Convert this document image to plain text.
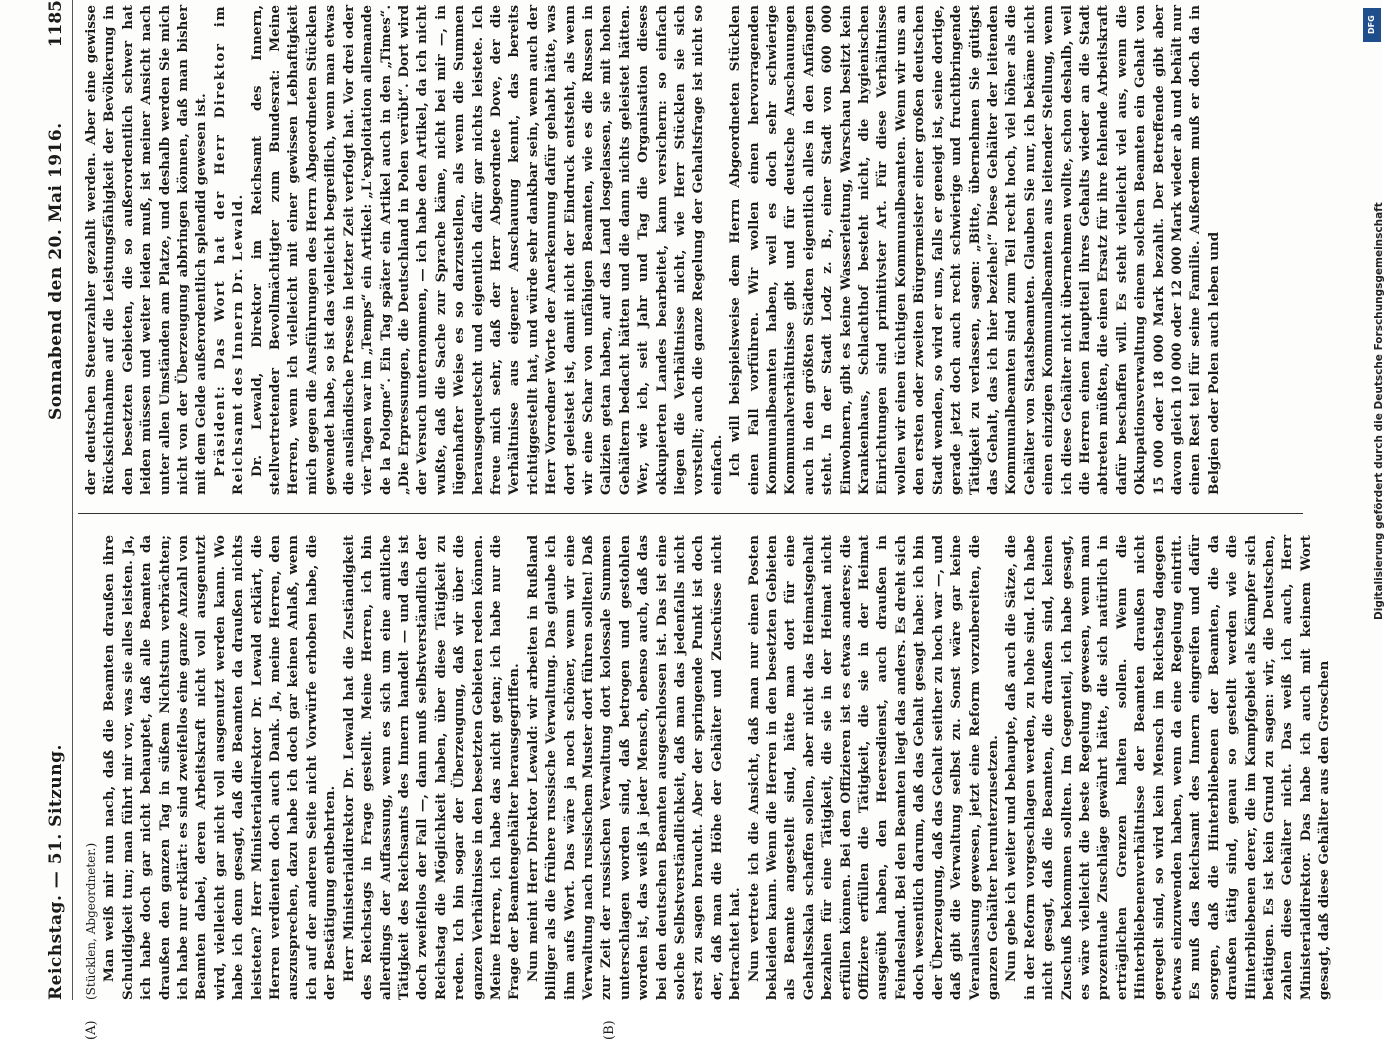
Reichstag. — 51. Sitzung.
Sonnabend den 20. Mai 1916.
1185
(A)	(B)

(Stücklen, Abgeordneter.) Man weiß mir nun nach, daß die Beamten draußen ihre Schuldigkeit tun; man führt mir vor, was sie alles leisten. Ja, ich habe doch gar nicht behauptet, daß alle Beamten da draußen den ganzen Tag in süßem Nichtstun verbrächten; ich habe nur erklärt: es sind zweifellos eine ganze Anzahl von Beamten dabei, deren Arbeitskraft nicht voll ausgenutzt wird, vielleicht gar nicht voll ausgenutzt werden kann. Wo habe ich denn gesagt, daß die Beamten da draußen nichts leisteten? Herr Ministerialdirektor Dr. Lewald erklärt, die Herren verdienten doch auch Dank. Ja, meine Herren, den auszusprechen, dazu habe ich doch gar keinen Anlaß, wenn ich auf der anderen Seite nicht Vorwürfe erhoben habe, die der Bestätigung entbehrten. Herr Ministerialdirektor Dr. Lewald hat die Zuständigkeit des Reichstags in Frage gestellt. Meine Herren, ich bin allerdings der Auffassung, wenn es sich um eine amtliche Tätigkeit des Reichsamts des Innern handelt — und das ist doch zweifellos der Fall —, dann muß selbstverständlich der Reichstag die Möglichkeit haben, über diese Tätigkeit zu reden. Ich bin sogar der Überzeugung, daß wir über die ganzen Verhältnisse in den besetzten Gebieten reden können. Meine Herren, ich habe das nicht getan; ich habe nur die Frage der Beamtengehälter herausgegriffen. Nun meint Herr Direktor Lewald: wir arbeiten in Rußland billiger als die frühere russische Verwaltung. Das glaube ich ihm aufs Wort. Das wäre ja noch schöner, wenn wir eine Verwaltung nach russischem Muster dort führen sollten! Daß zur Zeit der russischen Verwaltung dort kolossale Summen unterschlagen worden sind, daß betrogen und gestohlen worden ist, das weiß ja jeder Mensch, ebenso auch, daß das bei den deutschen Beamten ausgeschlossen ist. Das ist eine solche Selbstverständlichkeit, daß man das jedenfalls nicht erst zu sagen braucht. Aber der springende Punkt ist doch der, daß man die Höhe der Gehälter und Zuschüsse nicht betrachtet hat. Nun vertrete ich die Ansicht, daß man nur einen Posten bekleiden kann. Wenn die Herren in den besetzten Gebieten als Beamte angestellt sind, hätte man dort für eine Gehaltsskala schaffen sollen, aber nicht das Heimatsgehalt bezahlen für eine Tätigkeit, die sie in der Heimat nicht erfüllen können. Bei den Offizieren ist es etwas anderes; die Offiziere erfüllen die Tätigkeit, die sie in der Heimat ausgeübt haben, den Heeresdienst, auch draußen in Feindesland. Bei den Beamten liegt das anders. Es dreht sich doch wesentlich darum, daß das Gehalt gesagt habe: ich bin der Überzeugung, daß das Gehalt seither zu hoch war —, und daß gibt die Verwaltung selbst zu. Sonst wäre gar keine Veranlassung gewesen, jetzt eine Reform vorzubereiten, die ganzen Gehälter herunterzusetzen. Nun gebe ich weiter und behaupte, daß auch die Sätze, die in der Reform vorgeschlagen werden, zu hohe sind. Ich habe nicht gesagt, daß die Beamten, die draußen sind, keinen Zuschuß bekommen sollten. Im Gegenteil, ich habe gesagt, es wäre vielleicht die beste Regelung gewesen, wenn man prozentuale Zuschläge gewährt hätte, die sich natürlich in erträglichen Grenzen halten sollen. Wenn die Hinterbliebenenverhältnisse der Beamten draußen nicht geregelt sind, so wird kein Mensch im Reichstag dagegen etwas einzuwenden haben, wenn da eine Regelung eintritt. Es muß das Reichsamt des Innern eingreifen und dafür sorgen, daß die Hinterbliebenen der Beamten, die da draußen tätig sind, genau so gestellt werden wie die Hinterbliebenen derer, die im Kampfgebiet als Kämpfer sich betätigen. Es ist kein Grund zu sagen: wir, die Deutschen, zahlen diese Gehälter nicht. Das weiß ich auch, Herr Ministerialdirektor. Das habe ich auch mit keinem Wort gesagt, daß diese Gehälter aus den Groschen

der deutschen Steuerzahler gezahlt werden. Aber eine gewisse Rücksichtnahme auf die Leistungsfähigkeit der Bevölkerung in den besetzten Gebieten, die so außerordentlich schwer hat leiden müssen und weiter leiden muß, ist meiner Ansicht nach unter allen Umständen am Platze, und deshalb werden Sie mich nicht von der Überzeugung abbringen können, daß man bisher mit dem Gelde außerordentlich splendid gewesen ist. Präsident: Das Wort hat der Herr Direktor im Reichsamt des Innern Dr. Lewald. Dr. Lewald, Direktor im Reichsamt des Innern, stellvertretender Bevollmächtigter zum Bundesrat: Meine Herren, wenn ich vielleicht mit einer gewissen Lebhaftigkeit mich gegen die Ausführungen des Herrn Abgeordneten Stücklen gewendet habe, so ist das vielleicht begreiflich, wenn man etwas die ausländische Presse in letzter Zeit verfolgt hat. Vor drei oder vier Tagen war im „Temps“ ein Artikel: „L'exploitation allemande de la Pologne“. Ein Tag später ein Artikel auch in den „Times“. „Die Erpressungen, die Deutschland in Polen verübt“. Dort wird der Versuch unternommen, — ich habe den Artikel, da ich nicht wußte, daß die Sache zur Sprache käme, nicht bei mir —, in lügenhafter Weise es so darzustellen, als wenn die Summen herausgequetscht und eigentlich dafür gar nichts leistete. Ich freue mich sehr, daß der Herr Abgeordnete Dove, der die Verhältnisse aus eigener Anschauung kennt, das bereits richtiggestellt hat, und würde sehr dankbar sein, wenn auch der Herr Vorredner Worte der Anerkennung dafür gehabt hätte, was dort geleistet ist, damit nicht der Eindruck entsteht, als wenn wir eine Schar von unfähigen Beamten, wie es die Russen in Galizien getan haben, auf das Land losgelassen, sie mit hohen Gehältern bedacht hätten und die dann nichts geleistet hätten. Wer, wie ich, seit Jahr und Tag die Organisation dieses okkupierten Landes bearbeitet, kann versichern: so einfach liegen die Verhältnisse nicht, wie Herr Stücklen sie sich vorstellt; auch die ganze Regelung der Gehaltsfrage ist nicht so einfach. Ich will beispielsweise dem Herrn Abgeordneten Stücklen einen Fall vorführen. Wir wollen einen hervorragenden Kommunalbeamten haben, weil es doch sehr schwierige Kommunalverhältnisse gibt und für deutsche Anschauungen auch in den größten Städten eigentlich alles in den Anfängen steht. In der Stadt Lodz z. B., einer Stadt von 600 000 Einwohnern, gibt es keine Wasserleitung, Warschau besitzt kein Krankenhaus, Schlachthof besteht nicht, die hygienischen Einrichtungen sind primitivster Art. Für diese Verhältnisse wollen wir einen tüchtigen Kommunalbeamten. Wenn wir uns an den ersten oder zweiten Bürgermeister einer großen deutschen Stadt wenden, so wird er uns, falls er geneigt ist, seine dortige, gerade jetzt doch auch recht schwierige und fruchtbringende Tätigkeit zu verlassen, sagen: „Bitte, übernehmen Sie gütigst das Gehalt, das ich hier beziehe!“ Diese Gehälter der leitenden Kommunalbeamten sind zum Teil recht hoch, viel höher als die Gehälter von Staatsbeamten. Glauben Sie nur, ich bekäme nicht einen einzigen Kommunalbeamten aus leitender Stellung, wenn ich diese Gehälter nicht übernehmen wollte, schon deshalb, weil die Herren einen Hauptteil ihres Gehalts wieder an die Stadt abtreten müßten, die einen Ersatz für ihre fehlende Arbeitskraft dafür beschaffen will. Es steht vielleicht viel aus, wenn die Okkupationsverwaltung einem solchen Beamten ein Gehalt von 15 000 oder 18 000 Mark bezahlt. Der Betreffende gibt aber davon gleich 10 000 oder 12 000 Mark wieder ab und behält nur einen Rest teil für seine Familie. Außerdem muß er doch da in Belgien oder Polen auch leben und	Digitalisierung gefördert durch die Deutsche Forschungsgemeinschaft
DFG
